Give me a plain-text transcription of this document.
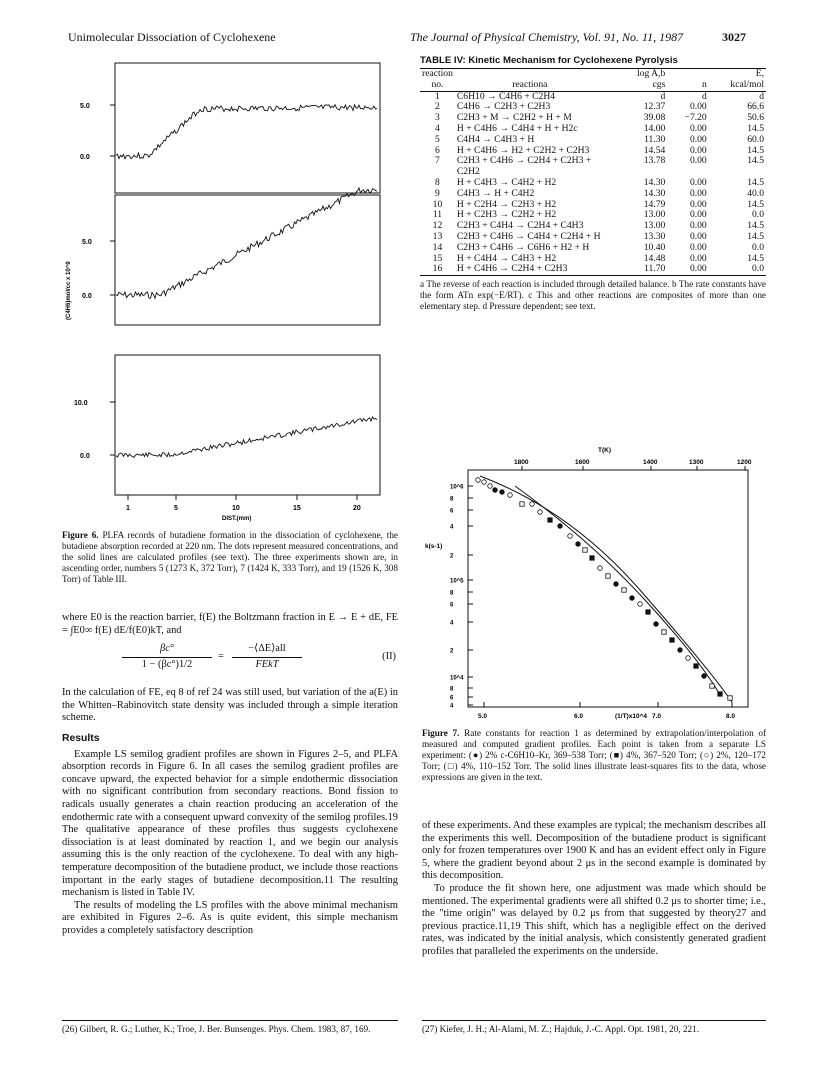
Unimolecular Dissociation of Cyclohexene	The Journal of Physical Chemistry, Vol. 91, No. 11, 1987	3027
5.0
0.0
5.0
0.0
(C4H6)mol/cc x 10^9
10.0
0.0
1	5	10	15	20
DIST.(mm)
Figure 6. PLFA records of butadiene formation in the dissociation of cyclohexene, the butadiene absorption recorded at 220 nm. The dots represent measured concentrations, and the solid lines are calculated profiles (see text). The three experiments shown are, in ascending order, numbers 5 (1273 K, 372 Torr), 7 (1424 K, 333 Torr), and 19 (1526 K, 308 Torr) of Table III.

where E0 is the reaction barrier, f(E) the Boltzmann fraction in E → E + dE, FE = ∫E0∞ f(E) dE/f(E0)kT, and

βc°
1 − (βc°)1/2
=
−⟨ΔE⟩all
FEkT
(II)

In the calculation of FE, eq 8 of ref 24 was still used, but variation of the a(E) in the Whitten–Rabinovitch state density was included through a simple iteration scheme.

Results

Example LS semilog gradient profiles are shown in Figures 2–5, and PLFA absorption records in Figure 6. In all cases the semilog gradient profiles are concave upward, the expected behavior for a simple endothermic dissociation with no significant contribution from secondary reactions. Bond fission to radicals usually generates a chain reaction producing an acceleration of the endothermic rate with a consequent upward convexity of the semilog profiles.19 The qualitative appearance of these profiles thus suggests cyclohexene dissociation is at least dominated by reaction 1, and we begin our analysis assuming this is the only reaction of the cyclohexene. To deal with any high-temperature decomposition of the butadiene product, we include those reactions important in the early stages of butadiene decomposition.11 The resulting mechanism is listed in Table IV.

The results of modeling the LS profiles with the above minimal mechanism are exhibited in Figures 2–6. As is quite evident, this simple mechanism provides a completely satisfactory description

(26) Gilbert, R. G.; Luther, K.; Troe, J. Ber. Bunsenges. Phys. Chem. 1983, 87, 169.
TABLE IV: Kinetic Mechanism for Cyclohexene Pyrolysis
reaction		log A,b		E,
no.	reactiona	cgs	n	kcal/mol
1	C6H10 → C4H6 + C2H4	d	d	d
2	C4H6 → C2H3 + C2H3	12.37	0.00	66.6
3	C2H3 + M → C2H2 + H + M	39.08	−7.20	50.6
4	H + C4H6 → C4H4 + H + H2c	14.00	0.00	14.5
5	C4H4 → C4H3 + H	11.30	0.00	60.0
6	H + C4H6 → H2 + C2H2 + C2H3	14.54	0.00	14.5
7	C2H3 + C4H6 → C2H4 + C2H3 + C2H2	13.78	0.00	14.5
8	H + C4H3 → C4H2 + H2	14.30	0.00	14.5
9	C4H3 → H + C4H2	14.30	0.00	40.0
10	H + C2H4 → C2H3 + H2	14.79	0.00	14.5
11	H + C2H3 → C2H2 + H2	13.00	0.00	0.0
12	C2H3 + C4H4 → C2H4 + C4H3	13.00	0.00	14.5
13	C2H3 + C4H6 → C4H4 + C2H4 + H	13.30	0.00	14.5
14	C2H3 + C4H6 → C6H6 + H2 + H	10.40	0.00	0.0
15	H + C4H4 → C4H3 + H2	14.48	0.00	14.5
16	H + C4H6 → C2H4 + C2H3	11.70	0.00	0.0
a The reverse of each reaction is included through detailed balance. b The rate constants have the form ATn exp(−E/RT). c This and other reactions are composites of more than one elementary step. d Pressure dependent; see text.
T(K)
1800	1600	1400	1300	1200
10^6
8
6
4
2
10^5
8
6
4
2
10^4
8
6
4
5.0	6.0	7.0	8.0
k(s-1)
(1/T)x10^4
Figure 7. Rate constants for reaction 1 as determined by extrapolation/interpolation of measured and computed gradient profiles. Each point is taken from a separate LS experiment: (●) 2% c-C6H10–Kr, 369–538 Torr; (■) 4%, 367–520 Torr; (○) 2%, 120–172 Torr; (□) 4%, 110–152 Torr. The solid lines illustrate least-squares fits to the data, whose expressions are given in the text.

of these experiments. And these examples are typical; the mechanism describes all the experiments this well. Decomposition of the butadiene product is significant only for frozen temperatures over 1900 K and has an evident effect only in Figure 5, where the gradient beyond about 2 μs in the second example is dominated by this decomposition.

To produce the fit shown here, one adjustment was made which should be mentioned. The experimental gradients were all shifted 0.2 μs to shorter time; i.e., the "time origin" was delayed by 0.2 μs from that suggested by theory27 and previous practice.11,19 This shift, which has a negligible effect on the derived rates, was indicated by the initial analysis, which consistently generated gradient profiles that paralleled the experiments on the underside.

(27) Kiefer, J. H.; Al-Alami, M. Z.; Hajduk, J.-C. Appl. Opt. 1981, 20, 221.
